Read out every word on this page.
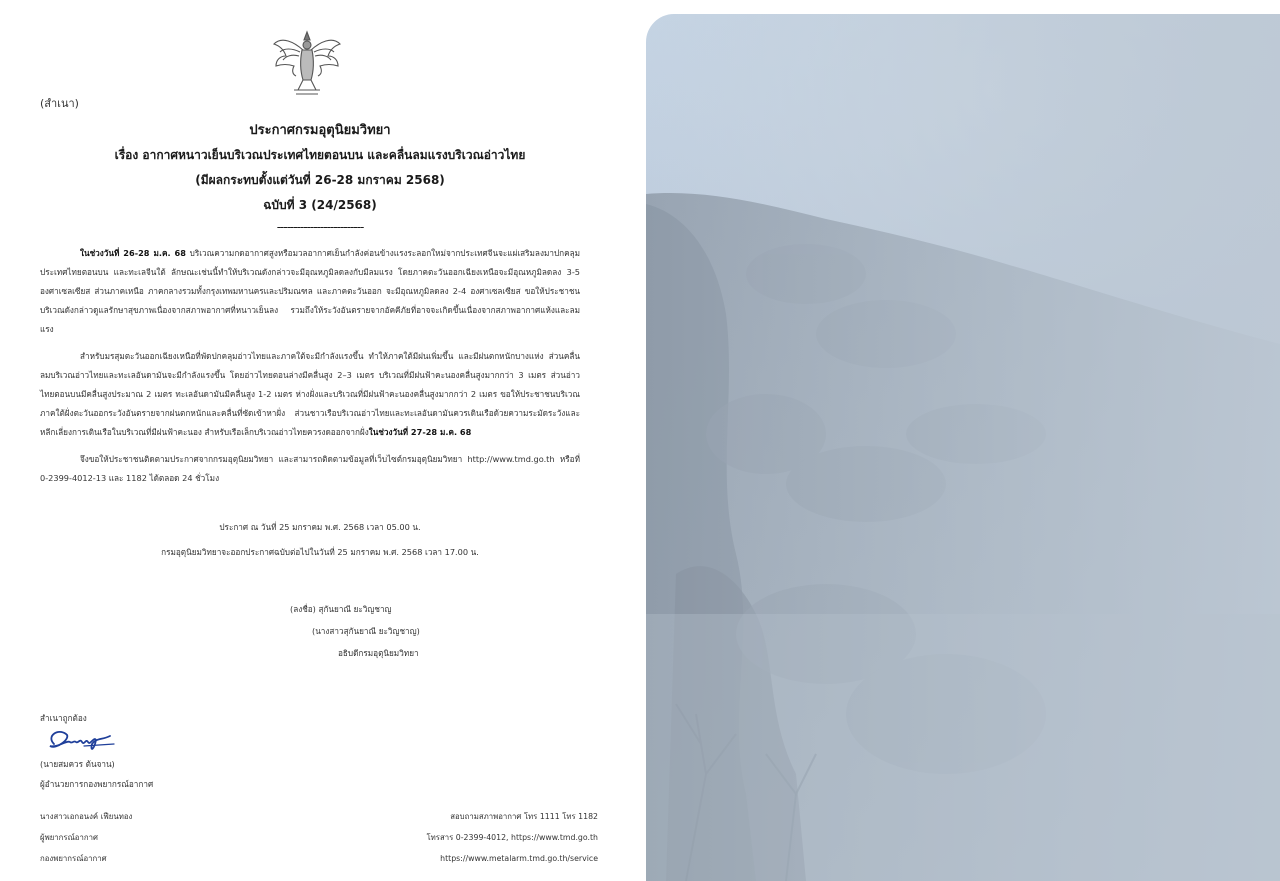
(สำเนา)
ประกาศกรมอุตุนิยมวิทยา
เรื่อง อากาศหนาวเย็นบริเวณประเทศไทยตอนบน และคลื่นลมแรงบริเวณอ่าวไทย
(มีผลกระทบตั้งแต่วันที่ 26-28 มกราคม 2568)
ฉบับที่ 3 (24/2568)
--------------------------

ในช่วงวันที่ 26-28 ม.ค. 68 บริเวณความกดอากาศสูงหรือมวลอากาศเย็นกำลังค่อนข้างแรงระลอกใหม่จากประเทศจีนจะแผ่เสริมลงมาปกคลุมประเทศไทยตอนบน และทะเลจีนใต้ ลักษณะเช่นนี้ทำให้บริเวณดังกล่าวจะมีอุณหภูมิลดลงกับมีลมแรง โดยภาคตะวันออกเฉียงเหนือจะมีอุณหภูมิลดลง 3-5 องศาเซลเซียส ส่วนภาคเหนือ ภาคกลางรวมทั้งกรุงเทพมหานครและปริมณฑล และภาคตะวันออก จะมีอุณหภูมิลดลง 2-4 องศาเซลเซียส ขอให้ประชาชนบริเวณดังกล่าวดูแลรักษาสุขภาพเนื่องจากสภาพอากาศที่หนาวเย็นลง รวมถึงให้ระวังอันตรายจากอัคคีภัยที่อาจจะเกิดขึ้นเนื่องจากสภาพอากาศแห้งและลมแรง

สำหรับมรสุมตะวันออกเฉียงเหนือที่พัดปกคลุมอ่าวไทยและภาคใต้จะมีกำลังแรงขึ้น ทำให้ภาคใต้มีฝนเพิ่มขึ้น และมีฝนตกหนักบางแห่ง ส่วนคลื่นลมบริเวณอ่าวไทยและทะเลอันดามันจะมีกำลังแรงขึ้น โดยอ่าวไทยตอนล่างมีคลื่นสูง 2–3 เมตร บริเวณที่มีฝนฟ้าคะนองคลื่นสูงมากกว่า 3 เมตร ส่วนอ่าวไทยตอนบนมีคลื่นสูงประมาณ 2 เมตร ทะเลอันดามันมีคลื่นสูง 1-2 เมตร ห่างฝั่งและบริเวณที่มีฝนฟ้าคะนองคลื่นสูงมากกว่า 2 เมตร ขอให้ประชาชนบริเวณภาคใต้ฝั่งตะวันออกระวังอันตรายจากฝนตกหนักและคลื่นที่ซัดเข้าหาฝั่ง ส่วนชาวเรือบริเวณอ่าวไทยและทะเลอันดามันควรเดินเรือด้วยความระมัดระวังและหลีกเลี่ยงการเดินเรือในบริเวณที่มีฝนฟ้าคะนอง สำหรับเรือเล็กบริเวณอ่าวไทยควรงดออกจากฝั่งในช่วงวันที่ 27-28 ม.ค. 68

จึงขอให้ประชาชนติดตามประกาศจากกรมอุตุนิยมวิทยา และสามารถติดตามข้อมูลที่เว็บไซต์กรมอุตุนิยมวิทยา http://www.tmd.go.th หรือที่ 0-2399-4012-13 และ 1182 ได้ตลอด 24 ชั่วโมง

ประกาศ ณ วันที่ 25 มกราคม พ.ศ. 2568 เวลา 05.00 น.
กรมอุตุนิยมวิทยาจะออกประกาศฉบับต่อไปในวันที่ 25 มกราคม พ.ศ. 2568 เวลา 17.00 น.
(ลงชื่อ) สุกันยาณี ยะวิญชาญ
(นางสาวสุกันยาณี ยะวิญชาญ)
อธิบดีกรมอุตุนิยมวิทยา
สำเนาถูกต้อง
(นายสมควร ต้นจาน)
ผู้อำนวยการกองพยากรณ์อากาศ
นางสาวเอกอนงค์ เฟียนทอง
ผู้พยากรณ์อากาศ
กองพยากรณ์อากาศ
สอบถามสภาพอากาศ โทร 1111 โทร 1182
โทรสาร 0-2399-4012, https://www.tmd.go.th
https://www.metalarm.tmd.go.th/service
